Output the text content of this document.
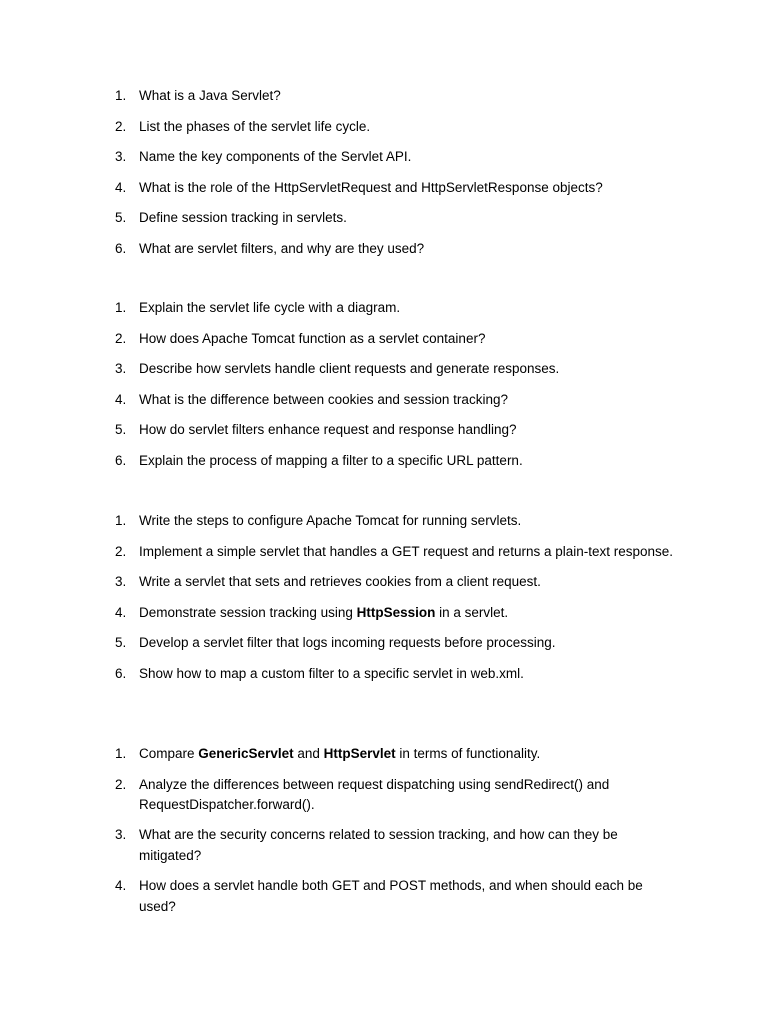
1. What is a Java Servlet?
2. List the phases of the servlet life cycle.
3. Name the key components of the Servlet API.
4. What is the role of the HttpServletRequest and HttpServletResponse objects?
5. Define session tracking in servlets.
6. What are servlet filters, and why are they used?
1. Explain the servlet life cycle with a diagram.
2. How does Apache Tomcat function as a servlet container?
3. Describe how servlets handle client requests and generate responses.
4. What is the difference between cookies and session tracking?
5. How do servlet filters enhance request and response handling?
6. Explain the process of mapping a filter to a specific URL pattern.
1. Write the steps to configure Apache Tomcat for running servlets.
2. Implement a simple servlet that handles a GET request and returns a plain-text response.
3. Write a servlet that sets and retrieves cookies from a client request.
4. Demonstrate session tracking using HttpSession in a servlet.
5. Develop a servlet filter that logs incoming requests before processing.
6. Show how to map a custom filter to a specific servlet in web.xml.
1. Compare GenericServlet and HttpServlet in terms of functionality.
2. Analyze the differences between request dispatching using sendRedirect() and RequestDispatcher.forward().
3. What are the security concerns related to session tracking, and how can they be mitigated?
4. How does a servlet handle both GET and POST methods, and when should each be used?
